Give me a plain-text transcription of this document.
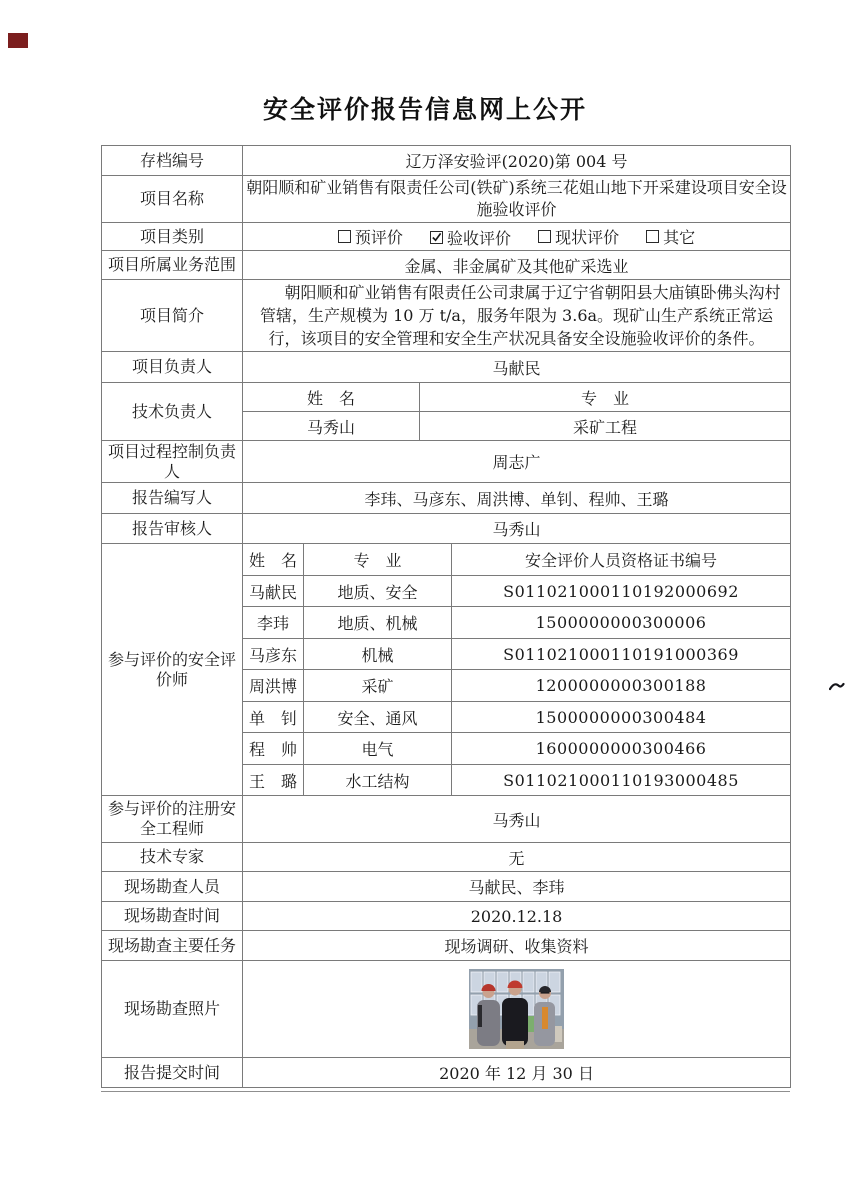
安全评价报告信息网上公开
存档编号	辽万泽安验评(2020)第 004 号			
项目名称	朝阳顺和矿业销售有限责任公司(铁矿)系统三花姐山地下开采建设项目安全设施验收评价			
项目类别	预评价
验收评价
现状评价
其它			

项目所属业务范围	金属、非金属矿及其他矿采选业			
项目简介	朝阳顺和矿业销售有限责任公司隶属于辽宁省朝阳县大庙镇卧佛头沟村管辖，生产规模为 10 万 t/a，服务年限为 3.6a。现矿山生产系统正常运行，该项目的安全管理和安全生产状况具备安全设施验收评价的条件。			
项目负责人	马献民			
技术负责人	姓　名		专　业	
	马秀山		采矿工程	
项目过程控制负责人	周志广			
报告编写人	李玮、马彦东、周洪博、单钊、程帅、王璐			
报告审核人	马秀山			
参与评价的安全评价师	姓　名	专　业		安全评价人员资格证书编号
	马献民	地质、安全		S011021000110192000692
	李玮	地质、机械		1500000000300006
	马彦东	机械		S011021000110191000369
	周洪博	采矿		1200000000300188
	单　钊	安全、通风		1500000000300484
	程　帅	电气		1600000000300466
	王　璐	水工结构		S011021000110193000485
参与评价的注册安全工程师	马秀山			
技术专家	无			
现场勘查人员	马献民、李玮			
现场勘查时间	2020.12.18			
现场勘查主要任务	现场调研、收集资料			
现场勘查照片	

报告提交时间	2020 年 12 月 30 日			
